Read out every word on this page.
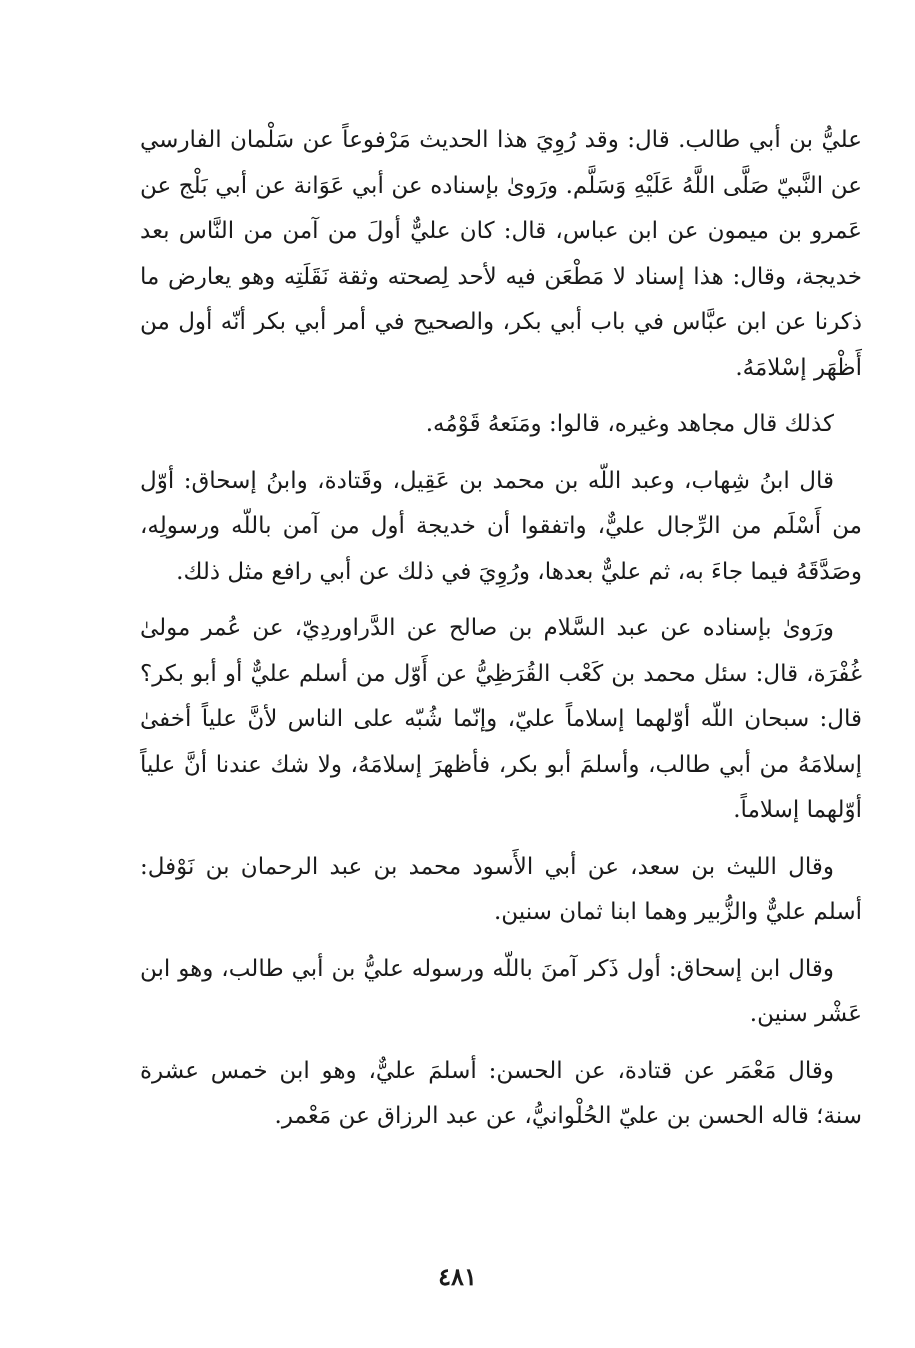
عليُّ بن أبي طالب. قال: وقد رُوِيَ هذا الحديث مَرْفوعاً عن سَلْمان الفارسي عن النَّبيّ صَلَّى اللَّهُ عَلَيْهِ وَسَلَّم. ورَوىٰ بإسناده عن أبي عَوَانة عن أبي بَلْج عن عَمرو بن ميمون عن ابن عباس، قال: كان عليٌّ أولَ من آمن من النَّاس بعد خديجة، وقال: هذا إسناد لا مَطْعَن فيه لأحد لِصحته وثقة نَقَلَتِه وهو يعارض ما ذكرنا عن ابن عبَّاس في باب أبي بكر، والصحيح في أمر أبي بكر أنّه أول من أَظْهَر إسْلامَهُ.

كذلك قال مجاهد وغيره، قالوا: ومَنَعهُ قَوْمُه.

قال ابنُ شِهاب، وعبد اللّه بن محمد بن عَقِيل، وقَتادة، وابنُ إسحاق: أوّل من أَسْلَم من الرِّجال عليٌّ، واتفقوا أن خديجة أول من آمن باللّه ورسولِه، وصَدَّقَهُ فيما جاءَ به، ثم عليٌّ بعدها، ورُوِيَ في ذلك عن أبي رافع مثل ذلك.

ورَوىٰ بإسناده عن عبد السَّلام بن صالح عن الدَّراوردِيّ، عن عُمر مولىٰ غُفْرَة، قال: سئل محمد بن كَعْب القُرَظِيُّ عن أَوّل من أسلم عليٌّ أو أبو بكر؟ قال: سبحان اللّه أوّلهما إسلاماً عليّ، وإنّما شُبّه على الناس لأنَّ علياً أخفىٰ إسلامَهُ من أبي طالب، وأسلمَ أبو بكر، فأظهرَ إسلامَهُ، ولا شك عندنا أنَّ علياً أوّلهما إسلاماً.

وقال الليث بن سعد، عن أبي الأَسود محمد بن عبد الرحمان بن نَوْفل: أسلم عليٌّ والزُّبير وهما ابنا ثمان سنين.

وقال ابن إسحاق: أول ذَكر آمنَ باللّه ورسوله عليُّ بن أبي طالب، وهو ابن عَشْر سنين.

وقال مَعْمَر عن قتادة، عن الحسن: أسلمَ عليٌّ، وهو ابن خمس عشرة سنة؛ قاله الحسن بن عليّ الحُلْوانيُّ، عن عبد الرزاق عن مَعْمر.

٤٨١
